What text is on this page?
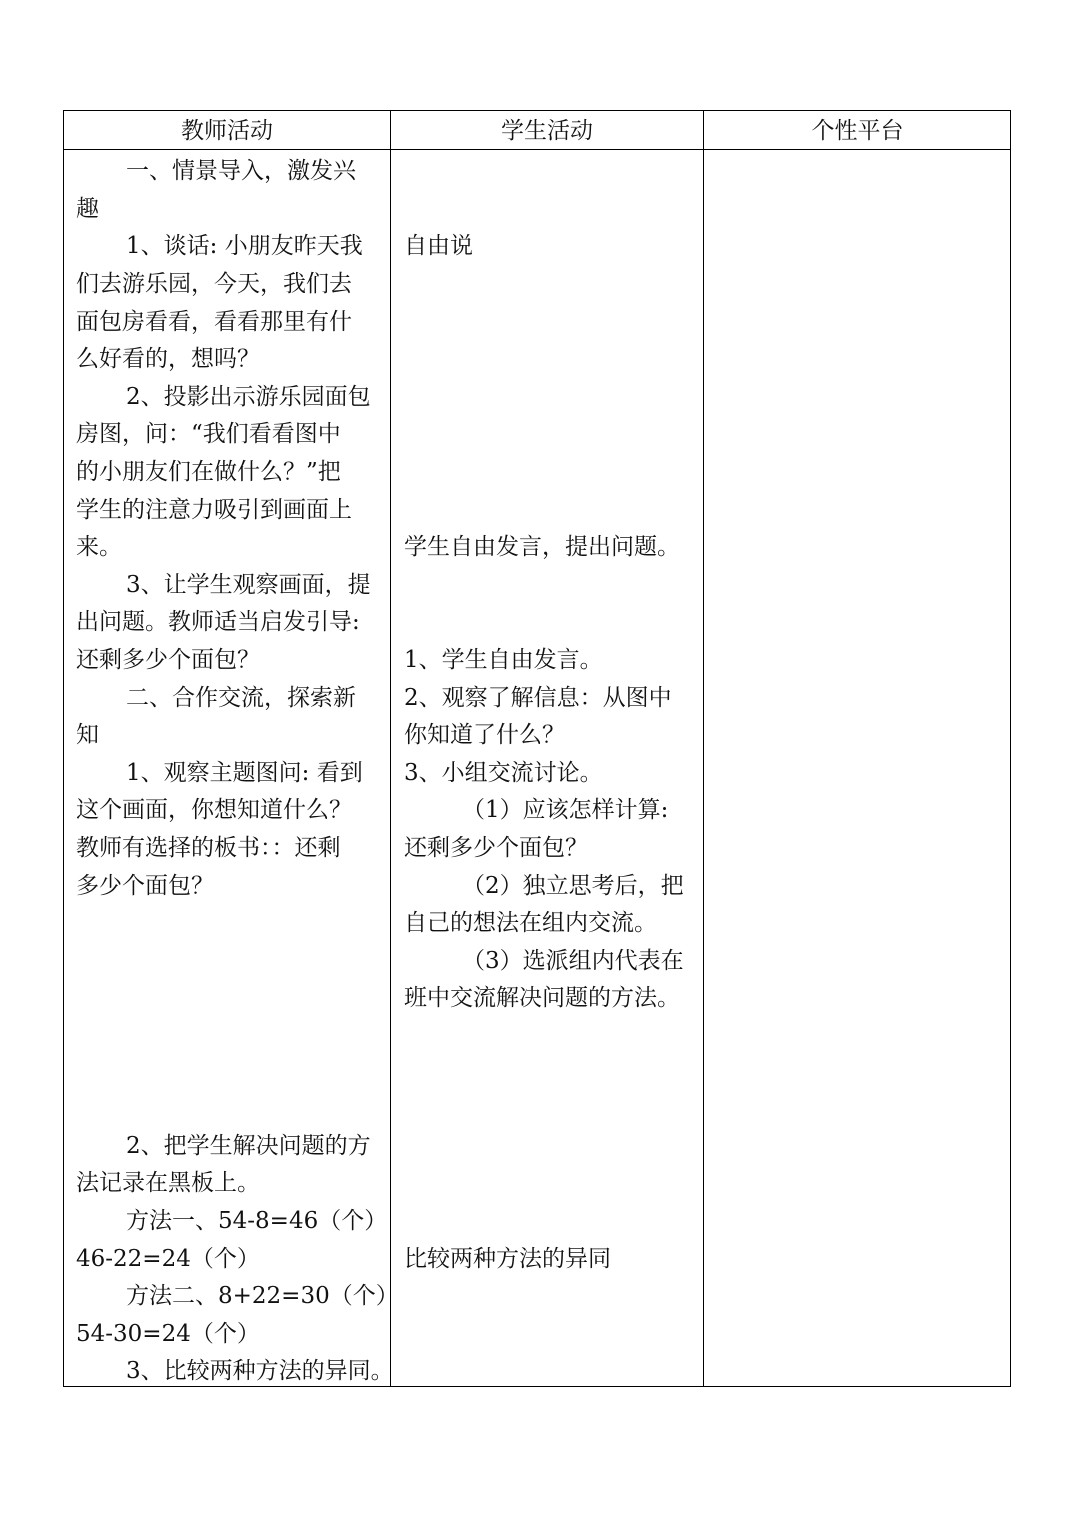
教师活动	学生活动	个性平台
一、情景导入，激发兴
趣
1、谈话: 小朋友昨天我
们去游乐园，今天，我们去
面包房看看，看看那里有什
么好看的，想吗？
2、投影出示游乐园面包
房图，问：“我们看看图中
的小朋友们在做什么？”把
学生的注意力吸引到画面上
来。
3、让学生观察画面，提
出问题。教师适当启发引导:
还剩多少个面包？
二、合作交流，探索新
知
1、观察主题图问: 看到
这个画面，你想知道什么？
教师有选择的板书：：还剩
多少个面包？
2、把学生解决问题的方
法记录在黑板上。
方法一、54-8=46（个）
46-22=24（个）
方法二、8+22=30（个）
54-30=24（个）
3、比较两种方法的异同。
自由说
学生自由发言，提出问题。
1、学生自由发言。
2、观察了解信息：从图中
你知道了什么？
3、小组交流讨论。
（1）应该怎样计算:
还剩多少个面包？
（2）独立思考后，把
自己的想法在组内交流。
（3）选派组内代表在
班中交流解决问题的方法。
比较两种方法的异同
